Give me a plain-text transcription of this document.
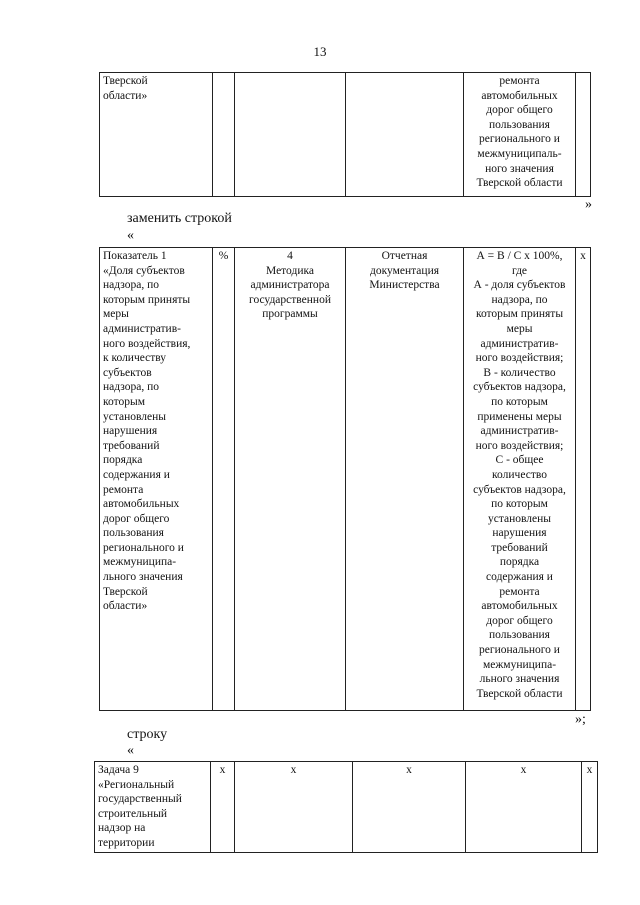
13
Тверской
области»				ремонта
автомобильных
дорог общего
пользования
регионального и
межмуниципаль-
ного значения
Тверской области	
»
заменить строкой
«
Показатель 1
«Доля субъектов
надзора, по
которым приняты
меры
административ-
ного воздействия,
к количеству
субъектов
надзора, по
которым
установлены
нарушения
требований
порядка
содержания и
ремонта
автомобильных
дорог общего
пользования
регионального и
межмуниципа-
льного значения
Тверской
области»	%	4
Методика
администратора
государственной
программы	Отчетная
документация
Министерства	А = В / С х 100%,
где
А - доля субъектов
надзора, по
которым приняты
меры
административ-
ного воздействия;
В - количество
субъектов надзора,
по которым
применены меры
административ-
ного воздействия;
С - общее
количество
субъектов надзора,
по которым
установлены
нарушения
требований
порядка
содержания и
ремонта
автомобильных
дорог общего
пользования
регионального и
межмуниципа-
льного значения
Тверской области	х
»;
строку
«
Задача 9
«Региональный
государственный
строительный
надзор на
территории	х	х	х	х	х
